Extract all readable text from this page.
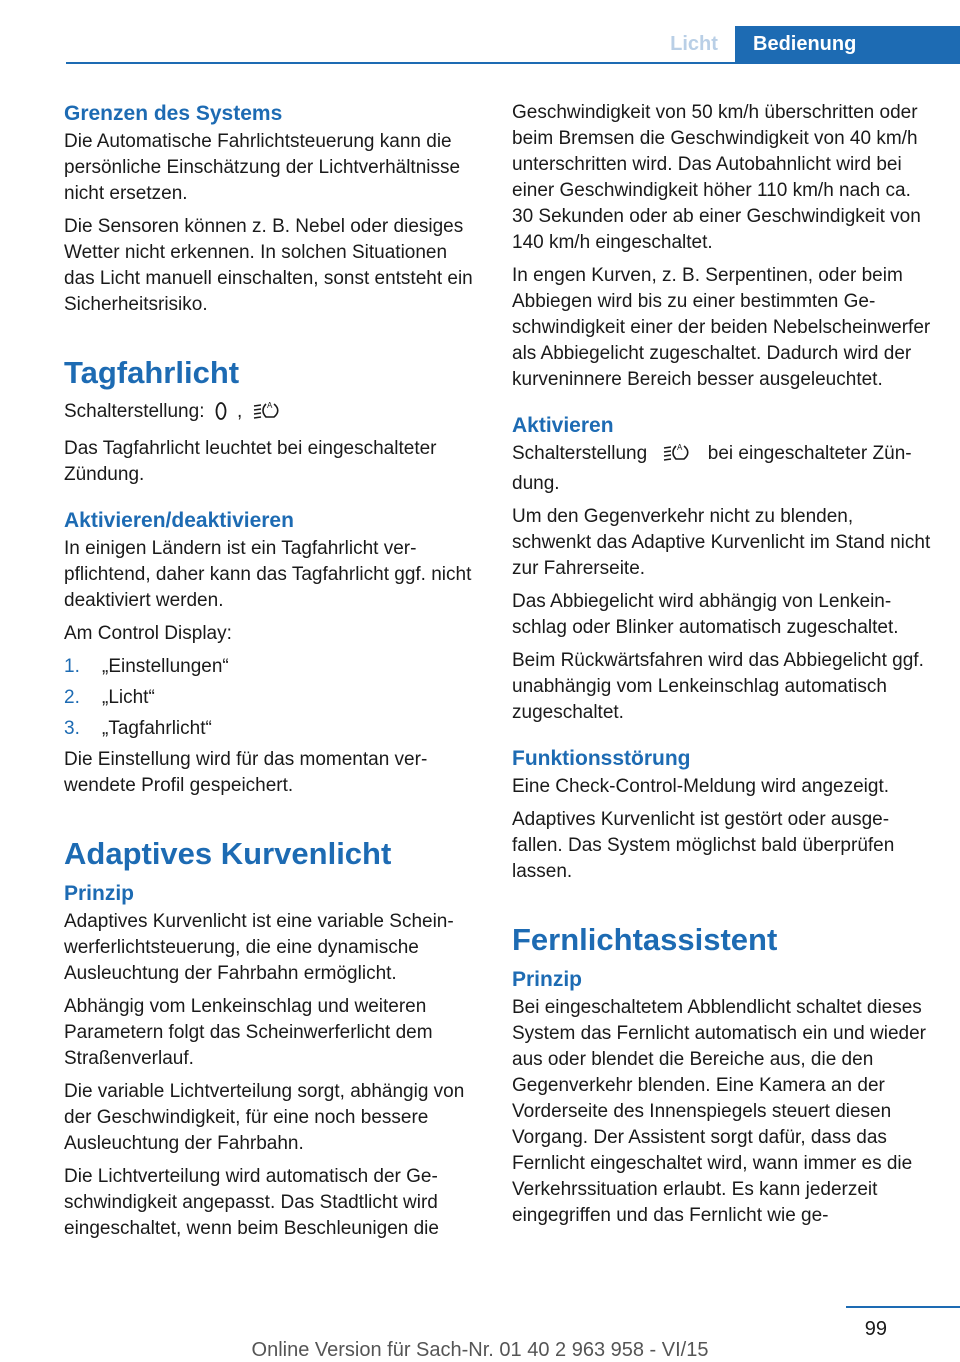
Licht	Bedienung
Grenzen des Systems

Die Automatische Fahrlichtsteuerung kann die persönliche Einschätzung der Lichtverhältnisse nicht ersetzen.

Die Sensoren können z. B. Nebel oder diesiges Wetter nicht erkennen. In solchen Situationen das Licht manuell einschalten, sonst entsteht ein Sicherheitsrisiko.

Tagfahrlicht

Schalterstellung: ,	A

Das Tagfahrlicht leuchtet bei eingeschalteter Zündung.

Aktivieren/deaktivieren

In einigen Ländern ist ein Tagfahrlicht verpflichtend, daher kann das Tagfahrlicht ggf. nicht deaktiviert werden.

Am Control Display:

1. „Einstellungen“
2. „Licht“
3. „Tagfahrlicht“

Die Einstellung wird für das momentan verwendete Profil gespeichert.

Adaptives Kurvenlicht
Prinzip

Adaptives Kurvenlicht ist eine variable Scheinwerferlichtsteuerung, die eine dynamische Ausleuchtung der Fahrbahn ermöglicht.

Abhängig vom Lenkeinschlag und weiteren Parametern folgt das Scheinwerferlicht dem Straßenverlauf.

Die variable Lichtverteilung sorgt, abhängig von der Geschwindigkeit, für eine noch bessere Ausleuchtung der Fahrbahn.

Die Lichtverteilung wird automatisch der Geschwindigkeit angepasst. Das Stadtlicht wird eingeschaltet, wenn beim Beschleunigen die

Geschwindigkeit von 50 km/h überschritten oder beim Bremsen die Geschwindigkeit von 40 km/h unterschritten wird. Das Autobahnlicht wird bei einer Geschwindigkeit höher 110 km/h nach ca. 30 Sekunden oder ab einer Geschwindigkeit von 140 km/h eingeschaltet.

In engen Kurven, z. B. Serpentinen, oder beim Abbiegen wird bis zu einer bestimmten Geschwindigkeit einer der beiden Nebelscheinwerfer als Abbiegelicht zugeschaltet. Dadurch wird der kurveninnere Bereich besser ausgeleuchtet.

Aktivieren

Schalterstellung	A bei eingeschalteter Zündung.

Um den Gegenverkehr nicht zu blenden, schwenkt das Adaptive Kurvenlicht im Stand nicht zur Fahrerseite.

Das Abbiegelicht wird abhängig von Lenkeinschlag oder Blinker automatisch zugeschaltet.

Beim Rückwärtsfahren wird das Abbiegelicht ggf. unabhängig vom Lenkeinschlag automatisch zugeschaltet.

Funktionsstörung

Eine Check-Control-Meldung wird angezeigt.

Adaptives Kurvenlicht ist gestört oder ausgefallen. Das System möglichst bald überprüfen lassen.

Fernlichtassistent
Prinzip

Bei eingeschaltetem Abblendlicht schaltet dieses System das Fernlicht automatisch ein und wieder aus oder blendet die Bereiche aus, die den Gegenverkehr blenden. Eine Kamera an der Vorderseite des Innenspiegels steuert diesen Vorgang. Der Assistent sorgt dafür, dass das Fernlicht eingeschaltet wird, wann immer es die Verkehrssituation erlaubt. Es kann jederzeit eingegriffen und das Fernlicht wie ge-

99
Online Version für Sach-Nr. 01 40 2 963 958 - VI/15
